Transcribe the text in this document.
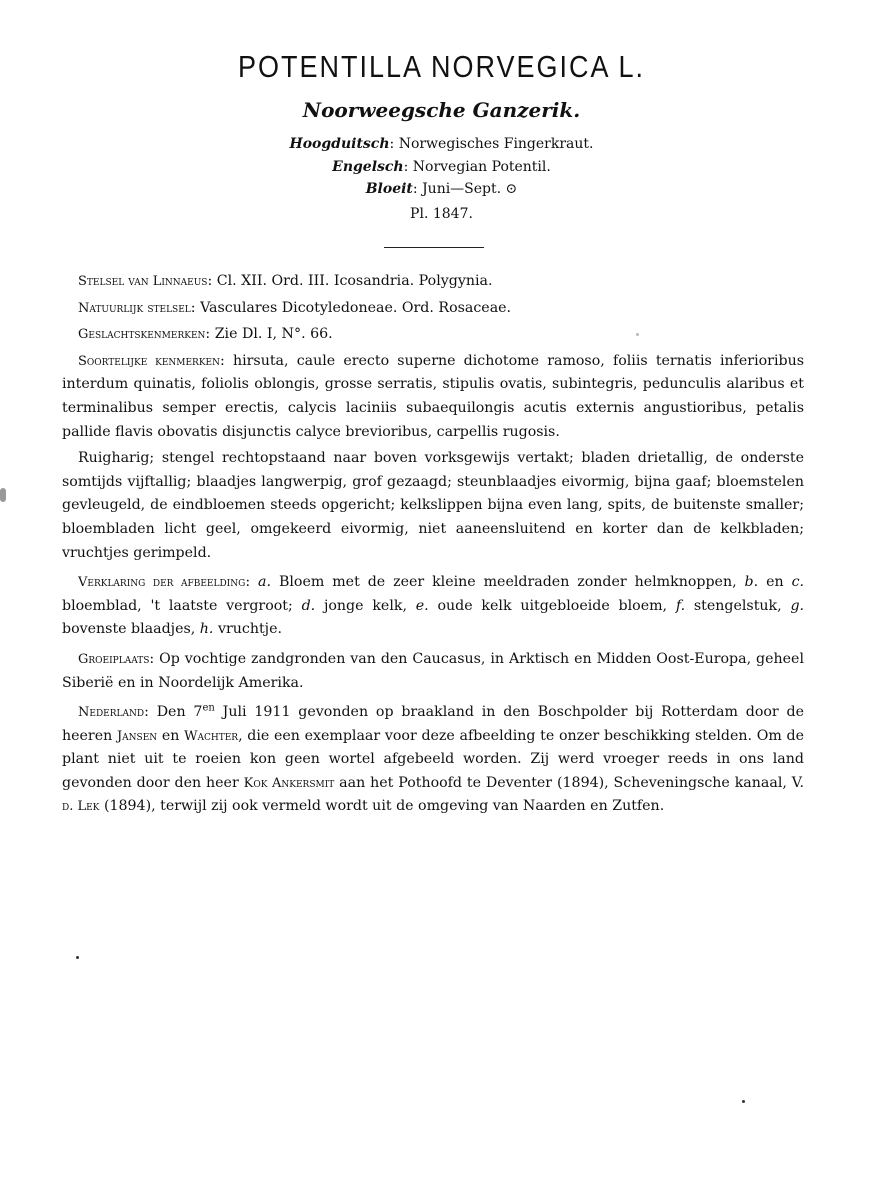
POTENTILLA NORVEGICA L.
Noorweegsche Ganzerik.
Hoogduitsch: Norwegisches Fingerkraut.
Engelsch: Norvegian Potentil.
Bloeit: Juni—Sept. ⊙
Pl. 1847.

Stelsel van Linnaeus: Cl. XII. Ord. III. Icosandria. Polygynia.

Natuurlijk stelsel: Vasculares Dicotyledoneae. Ord. Rosaceae.

Geslachtskenmerken: Zie Dl. I, N°. 66.

Soortelijke kenmerken: hirsuta, caule erecto superne dichotome ramoso, foliis ternatis inferioribus interdum quinatis, foliolis oblongis, grosse serratis, stipulis ovatis, subintegris, pedunculis alaribus et terminalibus semper erectis, calycis laciniis subaequilongis acutis externis angustioribus, petalis pallide flavis obovatis disjunctis calyce brevioribus, carpellis rugosis.

Ruigharig; stengel rechtopstaand naar boven vorksgewijs vertakt; bladen drietallig, de onderste somtijds vijftallig; blaadjes langwerpig, grof gezaagd; steunblaadjes eivormig, bijna gaaf; bloemstelen gevleugeld, de eindbloemen steeds opgericht; kelkslippen bijna even lang, spits, de buitenste smaller; bloembladen licht geel, omgekeerd eivormig, niet aaneensluitend en korter dan de kelkbladen; vruchtjes gerimpeld.

Verklaring der afbeelding: a. Bloem met de zeer kleine meeldraden zonder helmknoppen, b. en c. bloemblad, 't laatste vergroot; d. jonge kelk, e. oude kelk uitgebloeide bloem, f. stengelstuk, g. bovenste blaadjes, h. vruchtje.

Groeiplaats: Op vochtige zandgronden van den Caucasus, in Arktisch en Midden Oost-Europa, geheel Siberië en in Noordelijk Amerika.

Nederland: Den $7^{en}$ Juli 1911 gevonden op braakland in den Boschpolder bij Rotterdam door de heeren Jansen en Wachter, die een exemplaar voor deze afbeelding te onzer beschikking stelden. Om de plant niet uit te roeien kon geen wortel afgebeeld worden. Zij werd vroeger reeds in ons land gevonden door den heer Kok Ankersmit aan het Pothoofd te Deventer (1894), Scheveningsche kanaal, V. d. Lek (1894), terwijl zij ook vermeld wordt uit de omgeving van Naarden en Zutfen.
